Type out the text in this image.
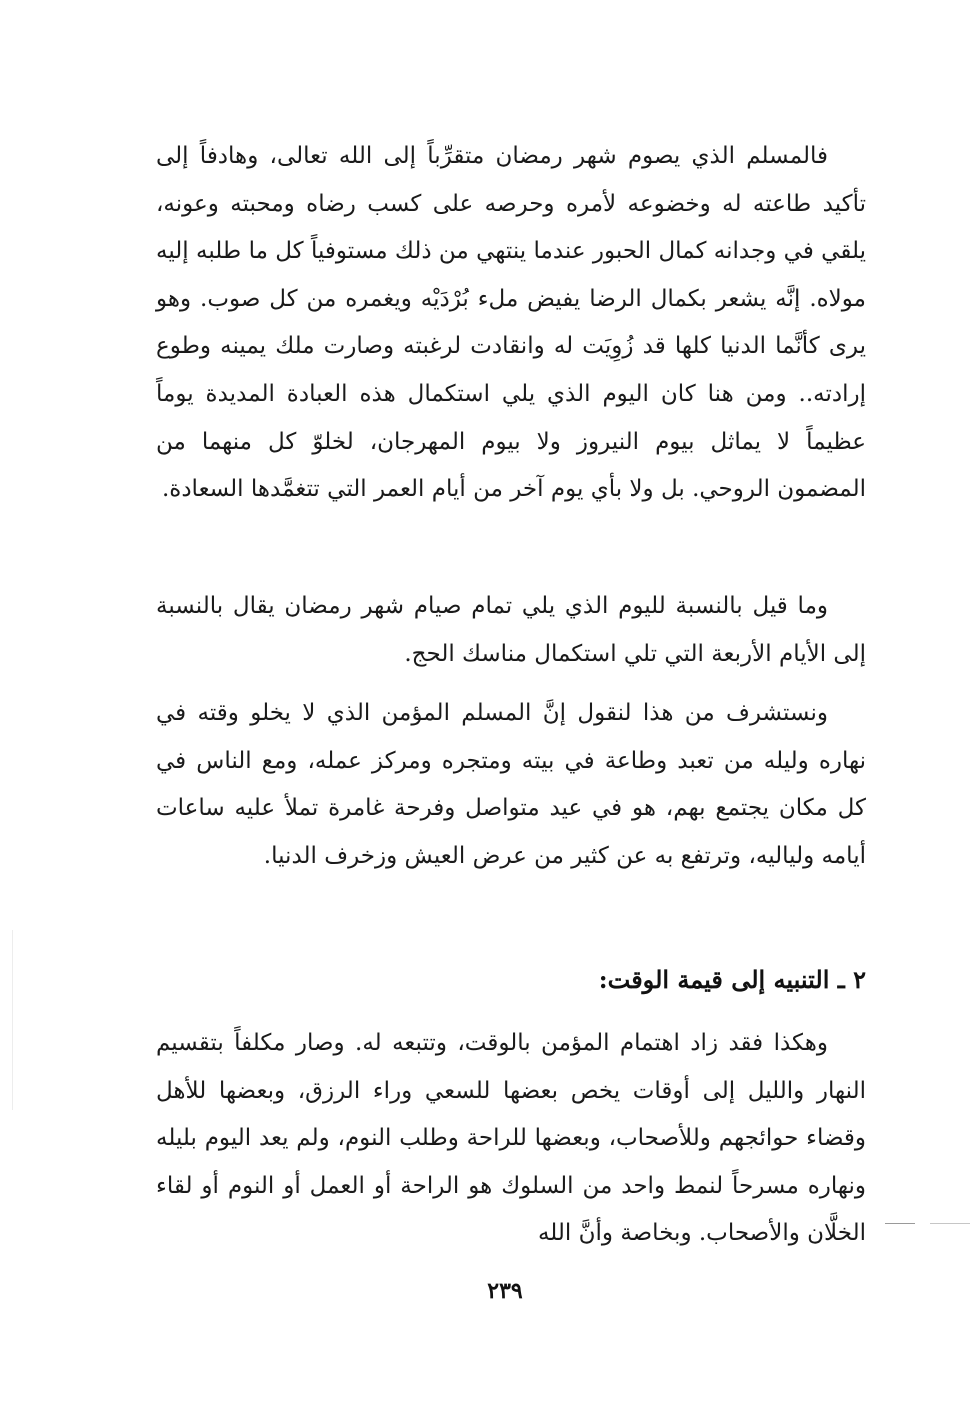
فالمسلم الذي يصوم شهر رمضان متقرِّباً إلى الله تعالى، وهادفاً إلى تأكيد طاعته له وخضوعه لأمره وحرصه على كسب رضاه ومحبته وعونه، يلقي في وجدانه كمال الحبور عندما ينتهي من ذلك مستوفياً كل ما طلبه إليه مولاه. إنَّه يشعر بكمال الرضا يفيض ملء بُرْدَيْه ويغمره من كل صوب. وهو يرى كأنَّما الدنيا كلها قد زُوِيَت له وانقادت لرغبته وصارت ملك يمينه وطوع إرادته.. ومن هنا كان اليوم الذي يلي استكمال هذه العبادة المديدة يوماً عظيماً لا يماثل بيوم النيروز ولا بيوم المهرجان، لخلوّ كل منهما من المضمون الروحي. بل ولا بأي يوم آخر من أيام العمر التي تتغمَّدها السعادة.

وما قيل بالنسبة لليوم الذي يلي تمام صيام شهر رمضان يقال بالنسبة إلى الأيام الأربعة التي تلي استكمال مناسك الحج.

ونستشرف من هذا لنقول إنَّ المسلم المؤمن الذي لا يخلو وقته في نهاره وليله من تعبد وطاعة في بيته ومتجره ومركز عمله، ومع الناس في كل مكان يجتمع بهم، هو في عيد متواصل وفرحة غامرة تملأ عليه ساعات أيامه ولياليه، وترتفع به عن كثير من عرض العيش وزخرف الدنيا.

٢ ـ التنبيه إلى قيمة الوقت:

وهكذا فقد زاد اهتمام المؤمن بالوقت، وتتبعه له. وصار مكلفاً بتقسيم النهار والليل إلى أوقات يخص بعضها للسعي وراء الرزق، وبعضها للأهل وقضاء حوائجهم وللأصحاب، وبعضها للراحة وطلب النوم، ولم يعد اليوم بليله ونهاره مسرحاً لنمط واحد من السلوك هو الراحة أو العمل أو النوم أو لقاء الخلَّان والأصحاب. وبخاصة وأنَّ الله

٢٣٩
